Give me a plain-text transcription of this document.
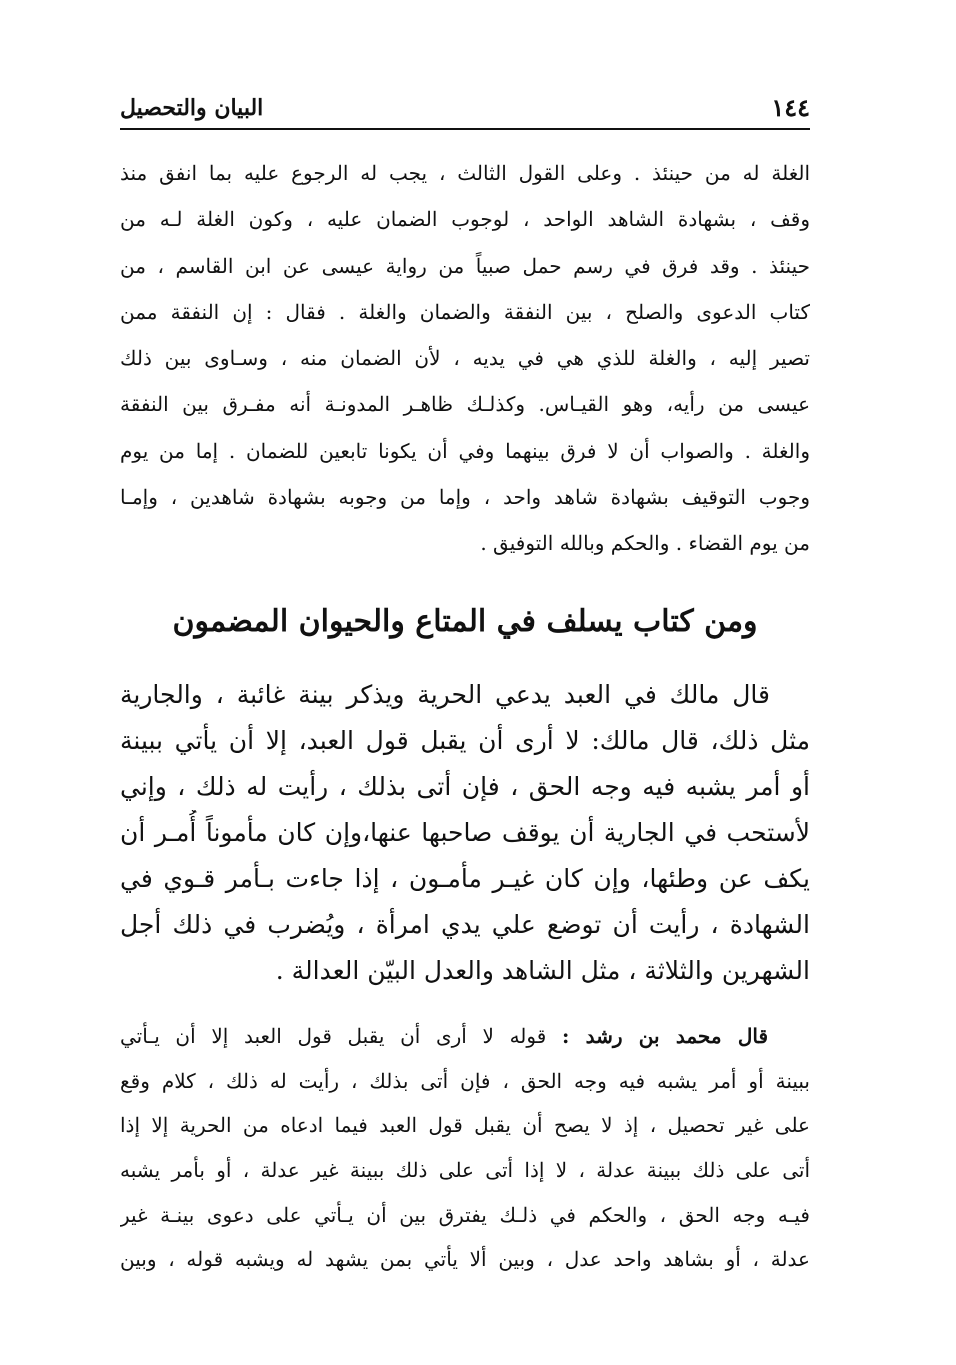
١٤٤
البيان والتحصيل
الغلة له من حينئذ . وعلى القول الثالث ، يجب له الرجوع عليه بما انفق منذ
وقف ، بشهادة الشاهد الواحد ، لوجوب الضمان عليه ، وكون الغلة لـه من
حينئذ . وقد فرق في رسم حمل صبياً من رواية عيسى عن ابن القاسم ، من
كتاب الدعوى والصلح ، بين النفقة والضمان والغلة . فقال : إن النفقة ممن
تصير إليه ، والغلة للذي هي في يديه ، لأن الضمان منه ، وسـاوى بين ذلك
عيسى من رأيه، وهو القيـاس. وكذلـك ظاهـر المدونـة أنه مفـرق بين النفقة
والغلة . والصواب أن لا فرق بينهما وفي أن يكونا تابعين للضمان . إما من يوم
وجوب التوقيف بشهادة شاهد واحد ، وإما من وجوبه بشهادة شاهدين ، وإمـا
من يوم القضاء . والحكم وبالله التوفيق .
ومن كتاب يسلف في المتاع والحيوان المضمون
قال مالك في العبد يدعي الحرية ويذكر بينة غائبة ، والجارية
مثل ذلك، قال مالك: لا أرى أن يقبل قول العبد، إلا أن يأتي ببينة
أو أمر يشبه فيه وجه الحق ، فإن أتى بذلك ، رأيت له ذلك ، وإني
لأستحب في الجارية أن يوقف صاحبها عنها،وإن كان مأموناً أُمـر أن
يكف عن وطئها، وإن كان غيـر مأمـون ، إذا جاءت بـأمر قـوي في
الشهادة ، رأيت أن توضع علي يدي امرأة ، ويُضرب في ذلك أجل
الشهرين والثلاثة ، مثل الشاهد والعدل البيّن العدالة .
قال محمد بن رشد : قوله لا أرى أن يقبل قول العبد إلا أن يـأتي
ببينة أو أمر يشبه فيه وجه الحق ، فإن أتى بذلك ، رأيت له ذلك ، كلام وقع
على غير تحصيل ، إذ لا يصح أن يقبل قول العبد فيما ادعاه من الحرية إلا إذا
أتى على ذلك ببينة عدلة ، لا إذا أتى على ذلك ببينة غير عدلة ، أو بأمر يشبه
فيـه وجه الحق ، والحكم في ذلـك يفترق بين أن يـأتي على دعوى بينـة غير
عدلة ، أو بشاهد واحد عدل ، وبين ألا يأتي بمن يشهد له ويشبه قوله ، وبين
